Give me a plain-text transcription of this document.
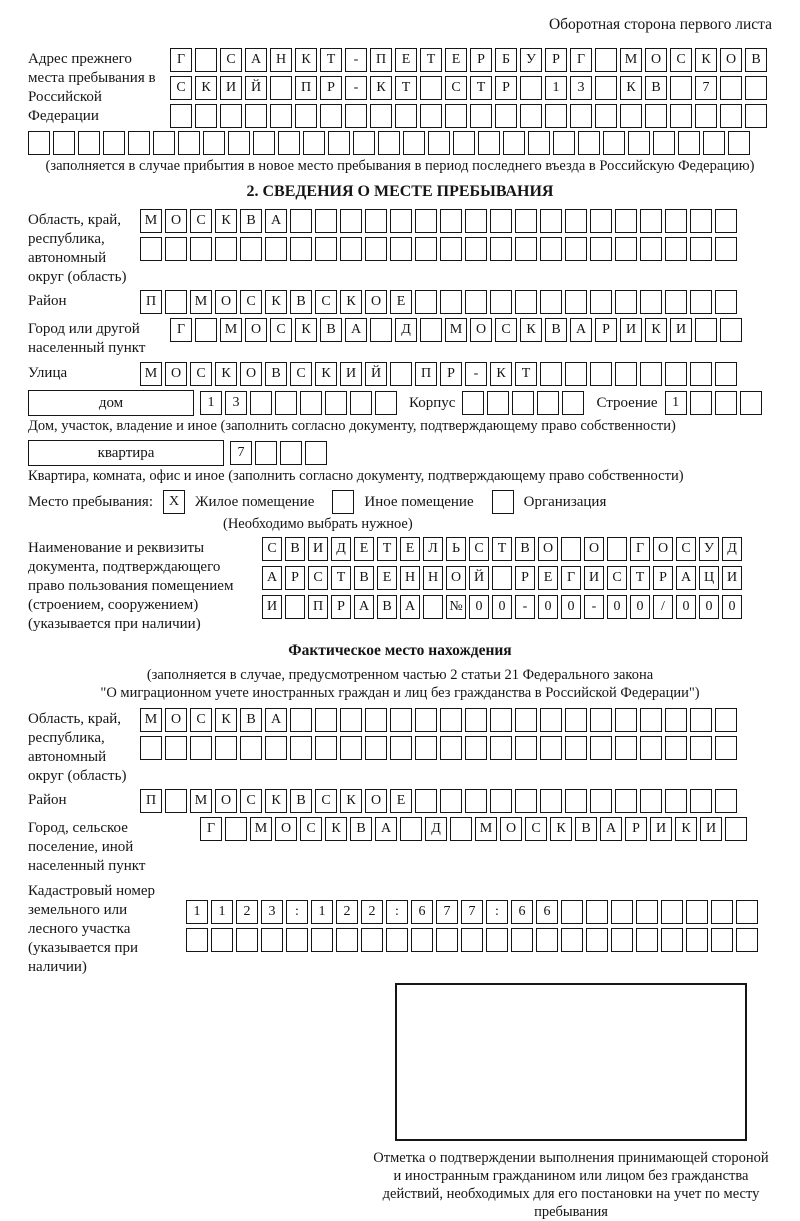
Оборотная сторона первого листа
Адрес прежнего места пребывания в Российской Федерации
Г	С	А	Н	К	Т	-	П	Е	Т	Е	Р	Б	У	Р	Г	М О	С	К	О	В
С	К	И	Й	П	Р	-	К	Т	С	Т	Р	1	3	К	В	7
(заполняется в случае прибытия в новое место пребывания в период последнего въезда в Российскую Федерацию)
2. СВЕДЕНИЯ О МЕСТЕ ПРЕБЫВАНИЯ
Область, край, республика, автономный округ (область)
М О	С	К	В	А
Район	П	М О	С	К	В	С	К	О	Е
Город или другой населенный пункт
Г	М О	С	К	В	А	Д	М О	С	К	В	А	Р	И	К	И
Улица	М О	С	К	О	В	С	К	И	Й	П	Р	-	К	Т
дом	1	3	Корпус	Строение	1
Дом, участок, владение и иное (заполнить согласно документу, подтверждающему право собственности)
квартира	7
Квартира, комната, офис и иное (заполнить согласно документу, подтверждающему право собственности)
Место пребывания:	X	Жилое помещение	Иное помещение	Организация
(Необходимо выбрать нужное)
Наименование и реквизиты документа, подтверждающего право пользования помещением (строением, сооружением) (указывается при наличии)
С В И Д Е	Т	Е Л	Ь	С	Т	В О	О	Г О С У Д
А	Р	С	Т	В	Е Н Н О Й	Р	Е	Г И С	Т	Р	А Ц И
И	П	Р	А В А	№ 0	0	-	0	0	-	0	0	/	0	0	0
Фактическое место нахождения
(заполняется в случае, предусмотренном частью 2 статьи 21 Федерального закона
"О миграционном учете иностранных граждан и лиц без гражданства в Российской Федерации")
Область, край, республика, автономный округ (область)
М О	С	К	В	А
Район	П	М О	С	К	В	С	К	О	Е
Город, сельское поселение, иной населенный пункт
Г	М О	С	К	В	А	Д	М О	С	К	В	А	Р	И	К	И
Кадастровый номер земельного или лесного участка (указывается при наличии)
1	1	2	3	:	1	2	2	:	6	7	7	:	6	6
Отметка о подтверждении выполнения принимающей стороной и иностранным гражданином или лицом без гражданства действий, необходимых для его постановки на учет по месту пребывания
